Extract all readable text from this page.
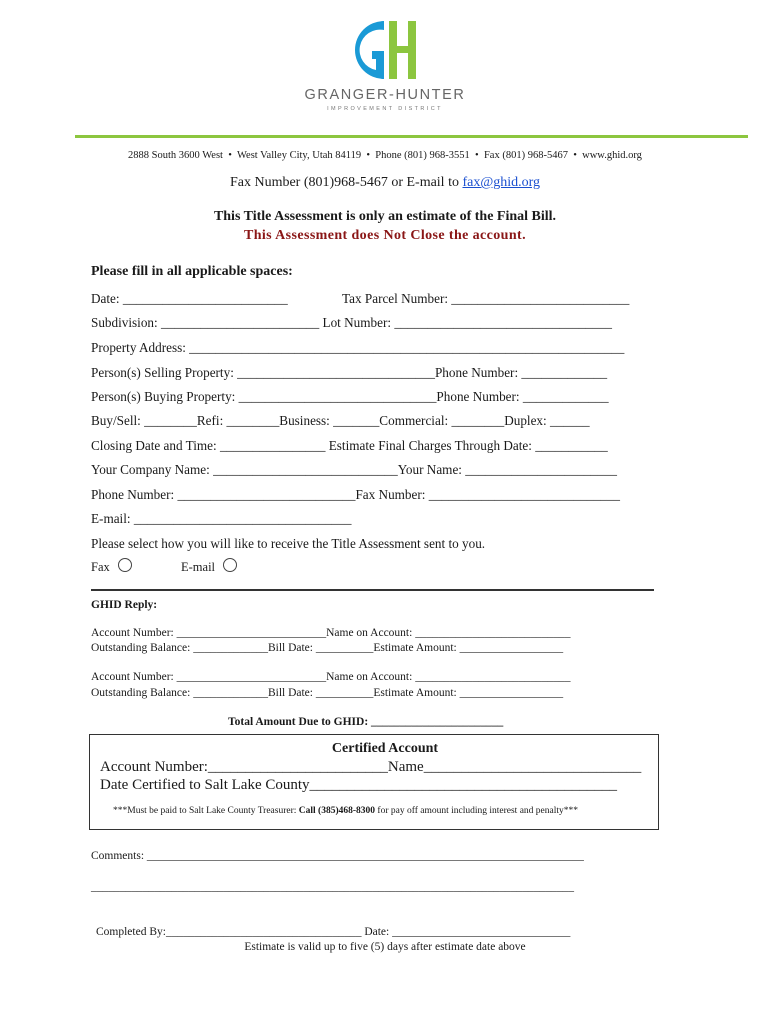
GRANGER-HUNTER
IMPROVEMENT DISTRICT
2888 South 3600 West  •  West Valley City, Utah 84119  •  Phone (801) 968-3551  •  Fax (801) 968-5467  •  www.ghid.org
Fax Number (801)968-5467 or E-mail to fax@ghid.org
This Title Assessment is only an estimate of the Final Bill.
This Assessment does Not Close the account.
Please fill in all applicable spaces:
Date: _________________________	Tax Parcel Number: ___________________________
Subdivision: ________________________ Lot Number: _________________________________
Property Address: __________________________________________________________________
Person(s) Selling Property: ______________________________Phone Number: _____________
Person(s) Buying Property: ______________________________Phone Number: _____________
Buy/Sell: ________Refi: ________Business: _______Commercial: ________Duplex: ______
Closing Date and Time: ________________ Estimate Final Charges Through Date: ___________
Your Company Name: ____________________________Your Name: _______________________
Phone Number: ___________________________Fax Number: _____________________________
E-mail: _________________________________
Please select how you will like to receive the Title Assessment sent to you.
Fax	E-mail
GHID Reply:
Account Number: __________________________Name on Account: ___________________________
Outstanding Balance: _____________Bill Date: __________Estimate Amount: __________________
Account Number: __________________________Name on Account: ___________________________
Outstanding Balance: _____________Bill Date: __________Estimate Amount: __________________
Total Amount Due to GHID: _______________________
Certified Account
Account Number:________________________Name_____________________________
Date Certified to Salt Lake County_________________________________________
***Must be paid to Salt Lake County Treasurer: Call (385)468-8300 for pay off amount including interest and penalty***
Comments: ____________________________________________________________________________
____________________________________________________________________________________
Completed By:__________________________________ Date: _______________________________
Estimate is valid up to five (5) days after estimate date above
